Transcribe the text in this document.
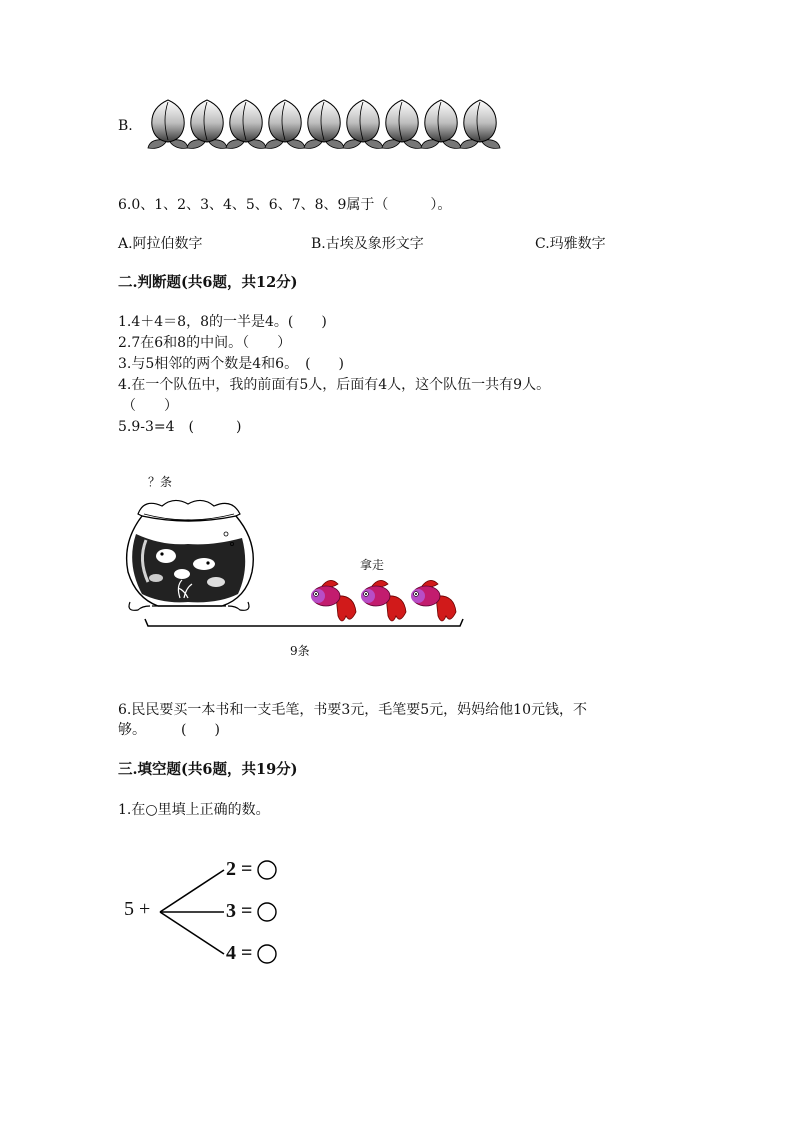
B.
6.0、1、2、3、4、5、6、7、8、9属于（　　　）。
A.阿拉伯数字	B.古埃及象形文字	C.玛雅数字
二.判断题(共6题，共12分)
1.4＋4＝8，8的一半是4。(　　)
2.7在6和8的中间。（　　）
3.与5相邻的两个数是4和6。　(　　)
4.在一个队伍中，我的前面有5人，后面有4人，这个队伍一共有9人。
（　　）
5.9-3=4　(　　　)
？条
拿走
9条
6.民民要买一本书和一支毛笔，书要3元，毛笔要5元，妈妈给他10元钱，不
够。　　　(　　)
三.填空题(共6题，共19分)
1.在○里填上正确的数。
5 +
2 =
3 =
4 =
